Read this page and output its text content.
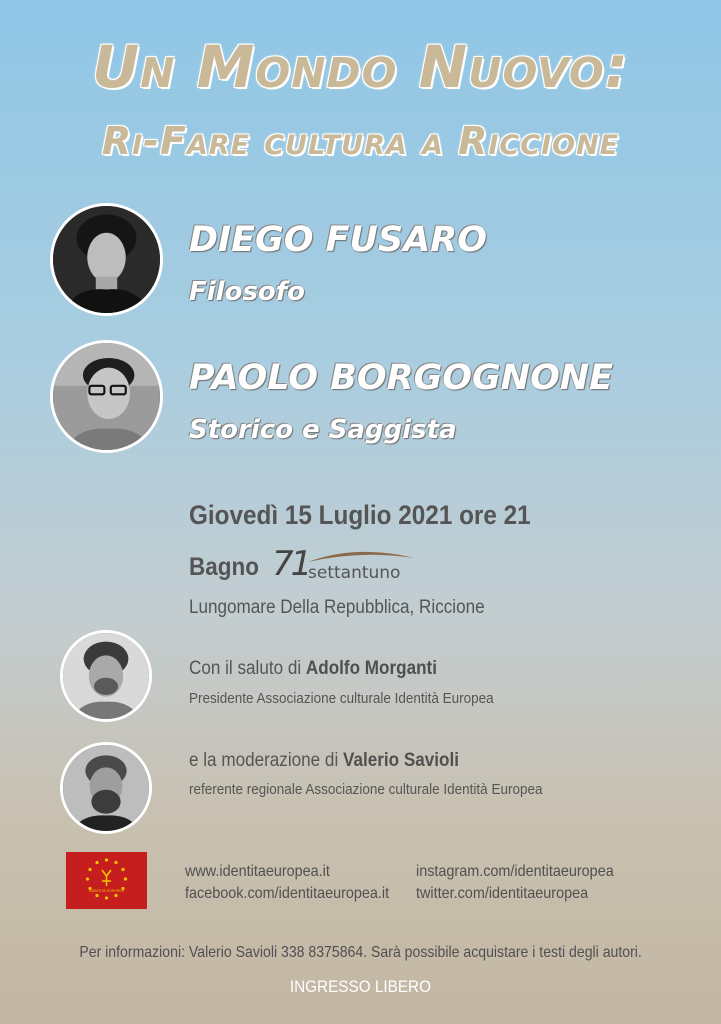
Un Mondo Nuovo:
Ri-Fare cultura a Riccione
DIEGO FUSARO
Filosofo
PAOLO BORGOGNONE
Storico e Saggista
Giovedì 15 Luglio 2021 ore 21
Bagno 71
settantuno
Lungomare Della Repubblica, Riccione
Con il saluto di Adolfo Morganti
Presidente Associazione culturale Identità Europea
e la moderazione di Valerio Savioli
referente regionale Associazione culturale Identità Europea
IDENTITÀ EUROPEA
www.identitaeuropea.it
facebook.com/identitaeuropea.it
instagram.com/identitaeuropea
twitter.com/identitaeuropea
Per informazioni: Valerio Savioli 338 8375864. Sarà possibile acquistare i testi degli autori.
INGRESSO LIBERO
